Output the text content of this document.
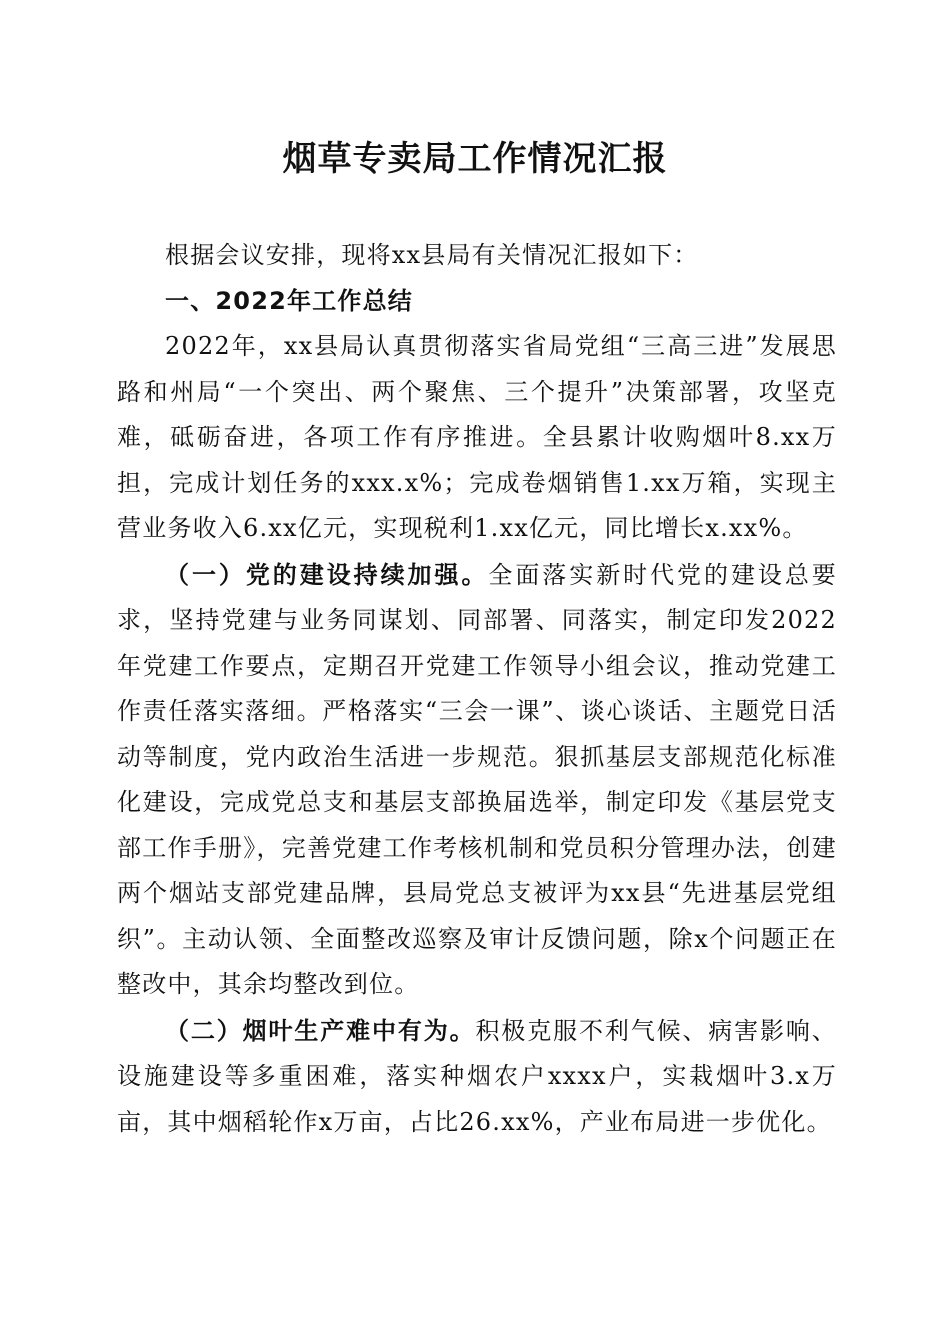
烟草专卖局工作情况汇报

根据会议安排，现将xx县局有关情况汇报如下：

一、2022年工作总结

2022年，xx县局认真贯彻落实省局党组“三高三进”发展思路和州局“一个突出、两个聚焦、三个提升”决策部署，攻坚克难，砥砺奋进，各项工作有序推进。全县累计收购烟叶8.xx万担，完成计划任务的xxx.x%；完成卷烟销售1.xx万箱，实现主营业务收入6.xx亿元，实现税利1.xx亿元，同比增长x.xx%。

（一）党的建设持续加强。全面落实新时代党的建设总要求，坚持党建与业务同谋划、同部署、同落实，制定印发2022年党建工作要点，定期召开党建工作领导小组会议，推动党建工作责任落实落细。严格落实“三会一课”、谈心谈话、主题党日活动等制度，党内政治生活进一步规范。狠抓基层支部规范化标准化建设，完成党总支和基层支部换届选举，制定印发《基层党支部工作手册》，完善党建工作考核机制和党员积分管理办法，创建两个烟站支部党建品牌，县局党总支被评为xx县“先进基层党组织”。主动认领、全面整改巡察及审计反馈问题，除x个问题正在整改中，其余均整改到位。

（二）烟叶生产难中有为。积极克服不利气候、病害影响、设施建设等多重困难，落实种烟农户xxxx户，实栽烟叶3.x万亩，其中烟稻轮作x万亩，占比26.xx%，产业布局进一步优化。
